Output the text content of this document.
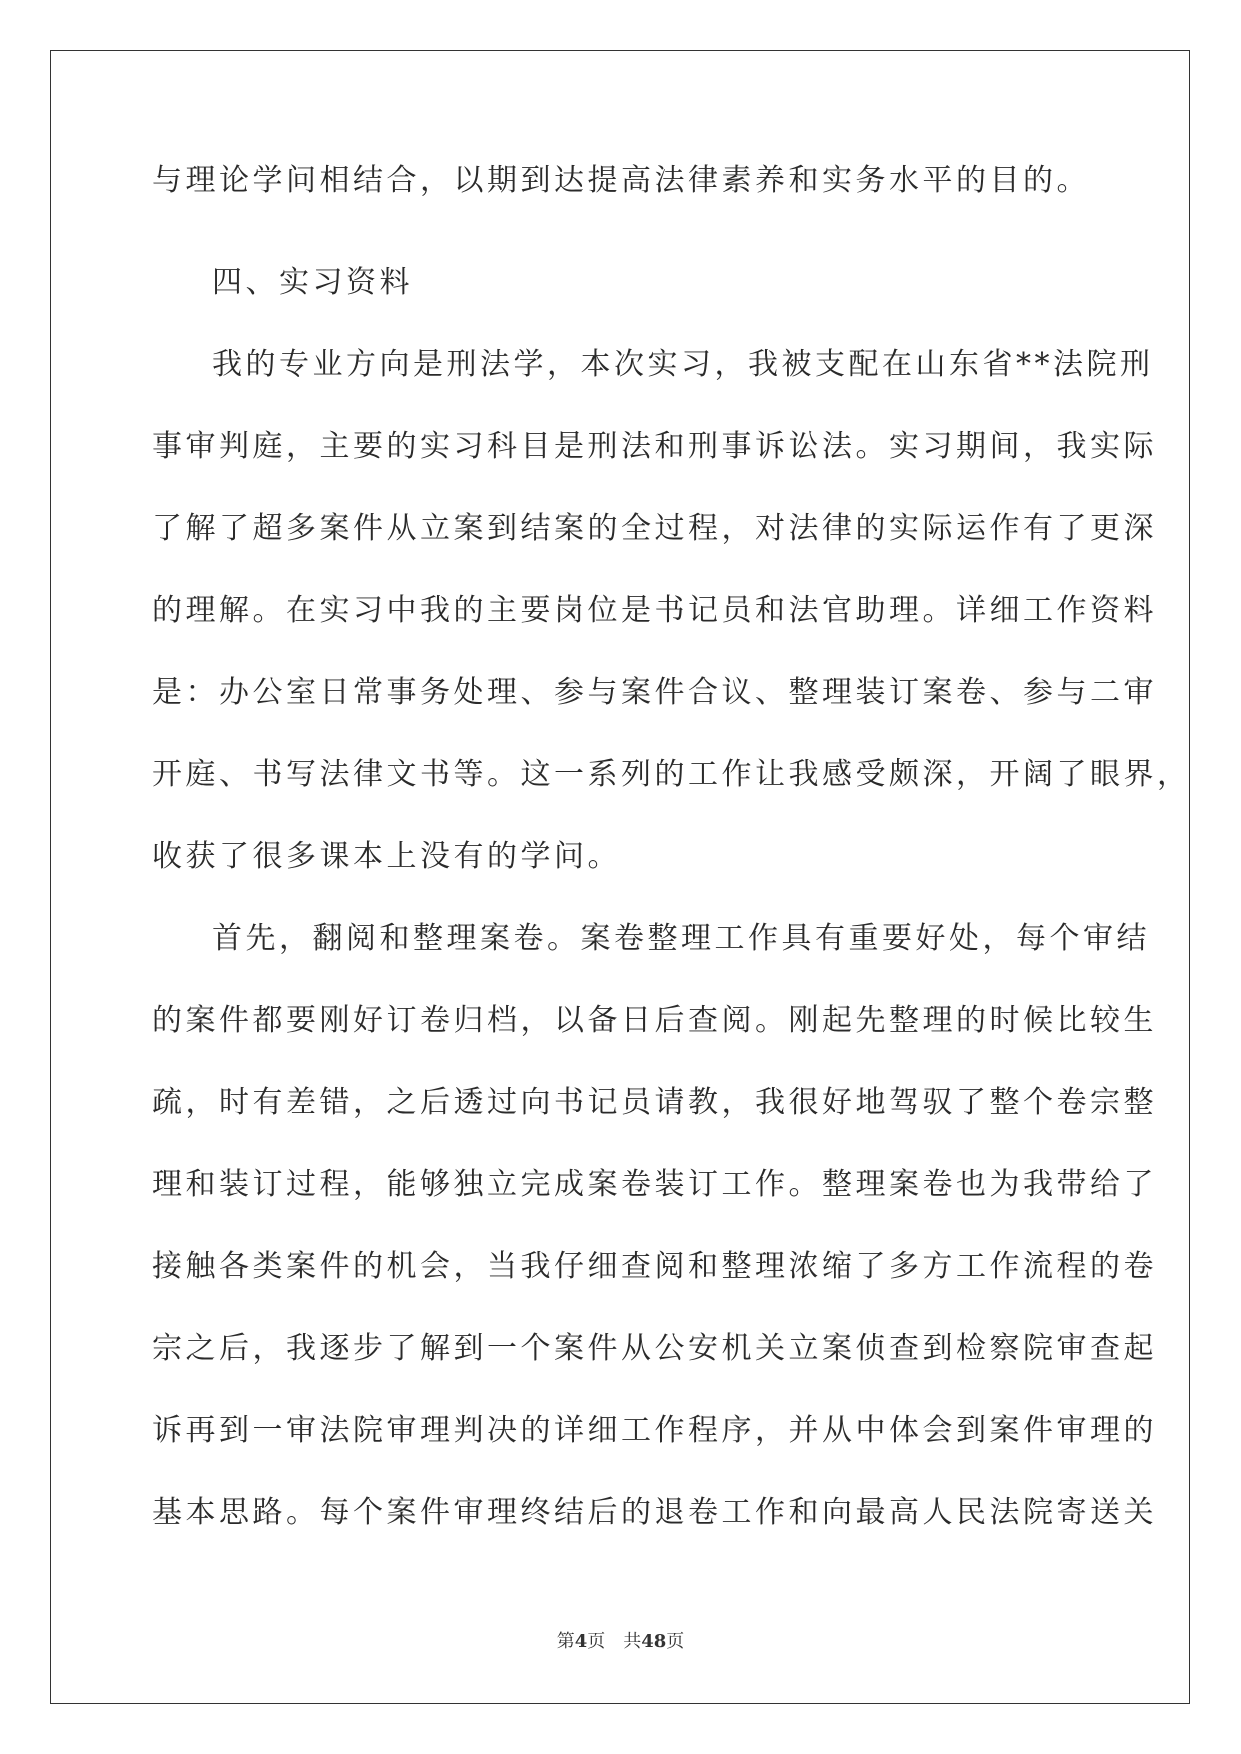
与理论学问相结合，以期到达提高法律素养和实务水平的目的。
四、实习资料
我的专业方向是刑法学，本次实习，我被支配在山东省**法院刑
事审判庭，主要的实习科目是刑法和刑事诉讼法。实习期间，我实际
了解了超多案件从立案到结案的全过程，对法律的实际运作有了更深
的理解。在实习中我的主要岗位是书记员和法官助理。详细工作资料
是：办公室日常事务处理、参与案件合议、整理装订案卷、参与二审
开庭、书写法律文书等。这一系列的工作让我感受颇深，开阔了眼界，
收获了很多课本上没有的学问。
首先，翻阅和整理案卷。案卷整理工作具有重要好处，每个审结
的案件都要刚好订卷归档，以备日后查阅。刚起先整理的时候比较生
疏，时有差错，之后透过向书记员请教，我很好地驾驭了整个卷宗整
理和装订过程，能够独立完成案卷装订工作。整理案卷也为我带给了
接触各类案件的机会，当我仔细查阅和整理浓缩了多方工作流程的卷
宗之后，我逐步了解到一个案件从公安机关立案侦查到检察院审查起
诉再到一审法院审理判决的详细工作程序，并从中体会到案件审理的
基本思路。每个案件审理终结后的退卷工作和向最高人民法院寄送关
第4页 共48页
